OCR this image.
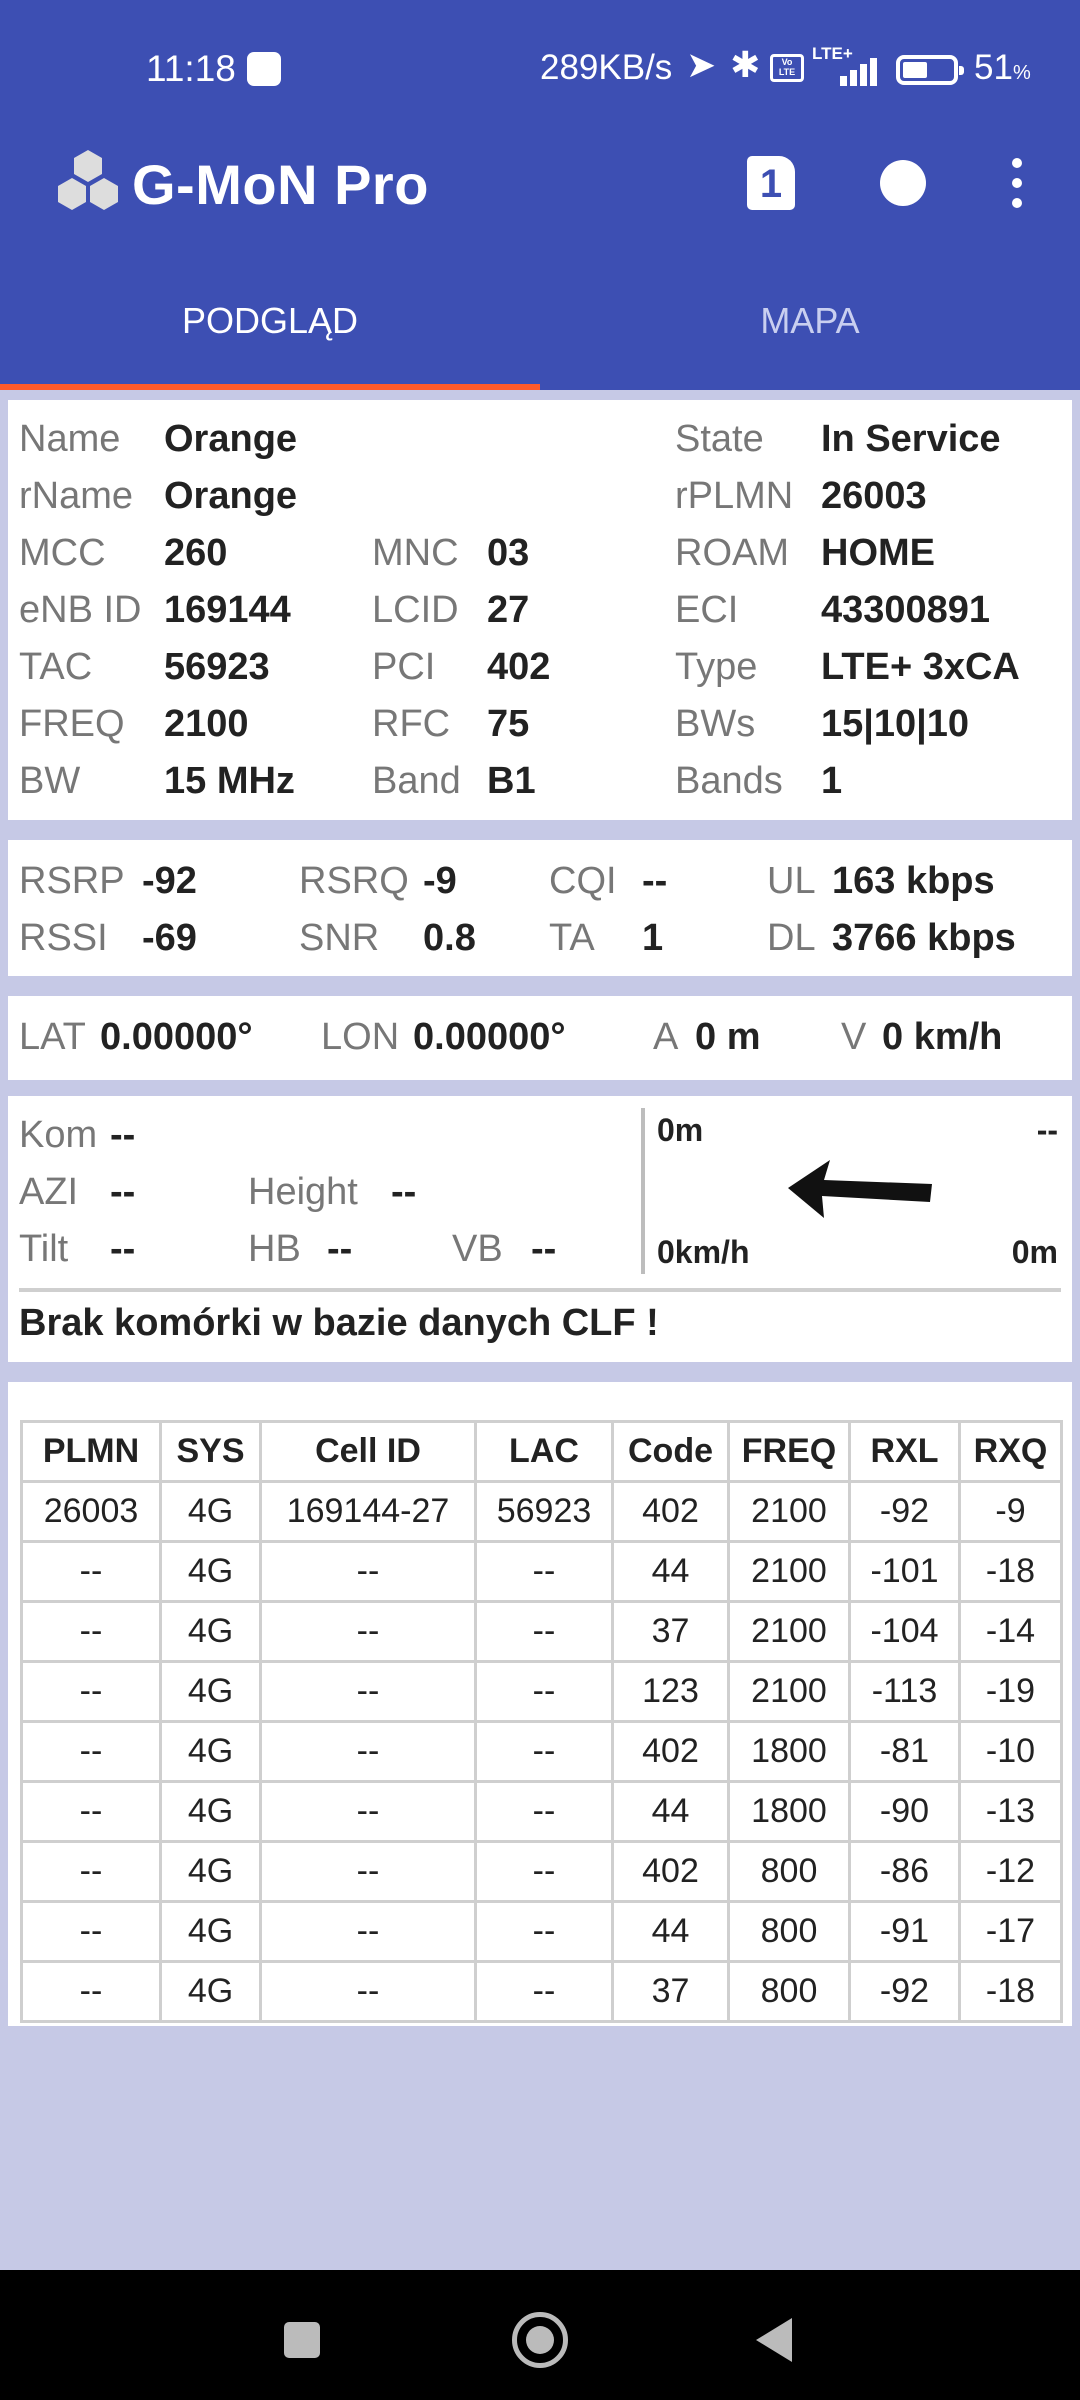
11:18	289KB/s ➤ ✱	Vo
LTE
LTE+	51%
G-MoN Pro	1
PODGLĄD	MAPA
Name Orange	State In Service
rName Orange	rPLMN 26003
MCC 260	MNC 03	ROAM HOME
eNB ID 169144 LCID 27	ECI 43300891
TAC 56923	PCI 402	Type LTE+ 3xCA
FREQ 2100	RFC 75	BWs 15|10|10
BW 15 MHz Band B1	Bands 1
RSRP -92	RSRQ -9 CQI --	UL 163 kbps
RSSI -69	SNR 0.8 TA 1	DL 3766 kbps
LAT 0.00000° LON 0.00000° A 0 m V 0 km/h
Kom --
AZI --	Height --
Tilt --	HB --	VB --
0m	--
0km/h	0m
Brak komórki w bazie danych CLF !
PLMN	SYS	Cell ID	LAC	Code	FREQ	RXL	RXQ
26003	4G	169144-27	56923	402	2100	-92	-9
--	4G	--	--	44	2100	-101	-18
--	4G	--	--	37	2100	-104	-14
--	4G	--	--	123	2100	-113	-19
--	4G	--	--	402	1800	-81	-10
--	4G	--	--	44	1800	-90	-13
--	4G	--	--	402	800	-86	-12
--	4G	--	--	44	800	-91	-17
--	4G	--	--	37	800	-92	-18
